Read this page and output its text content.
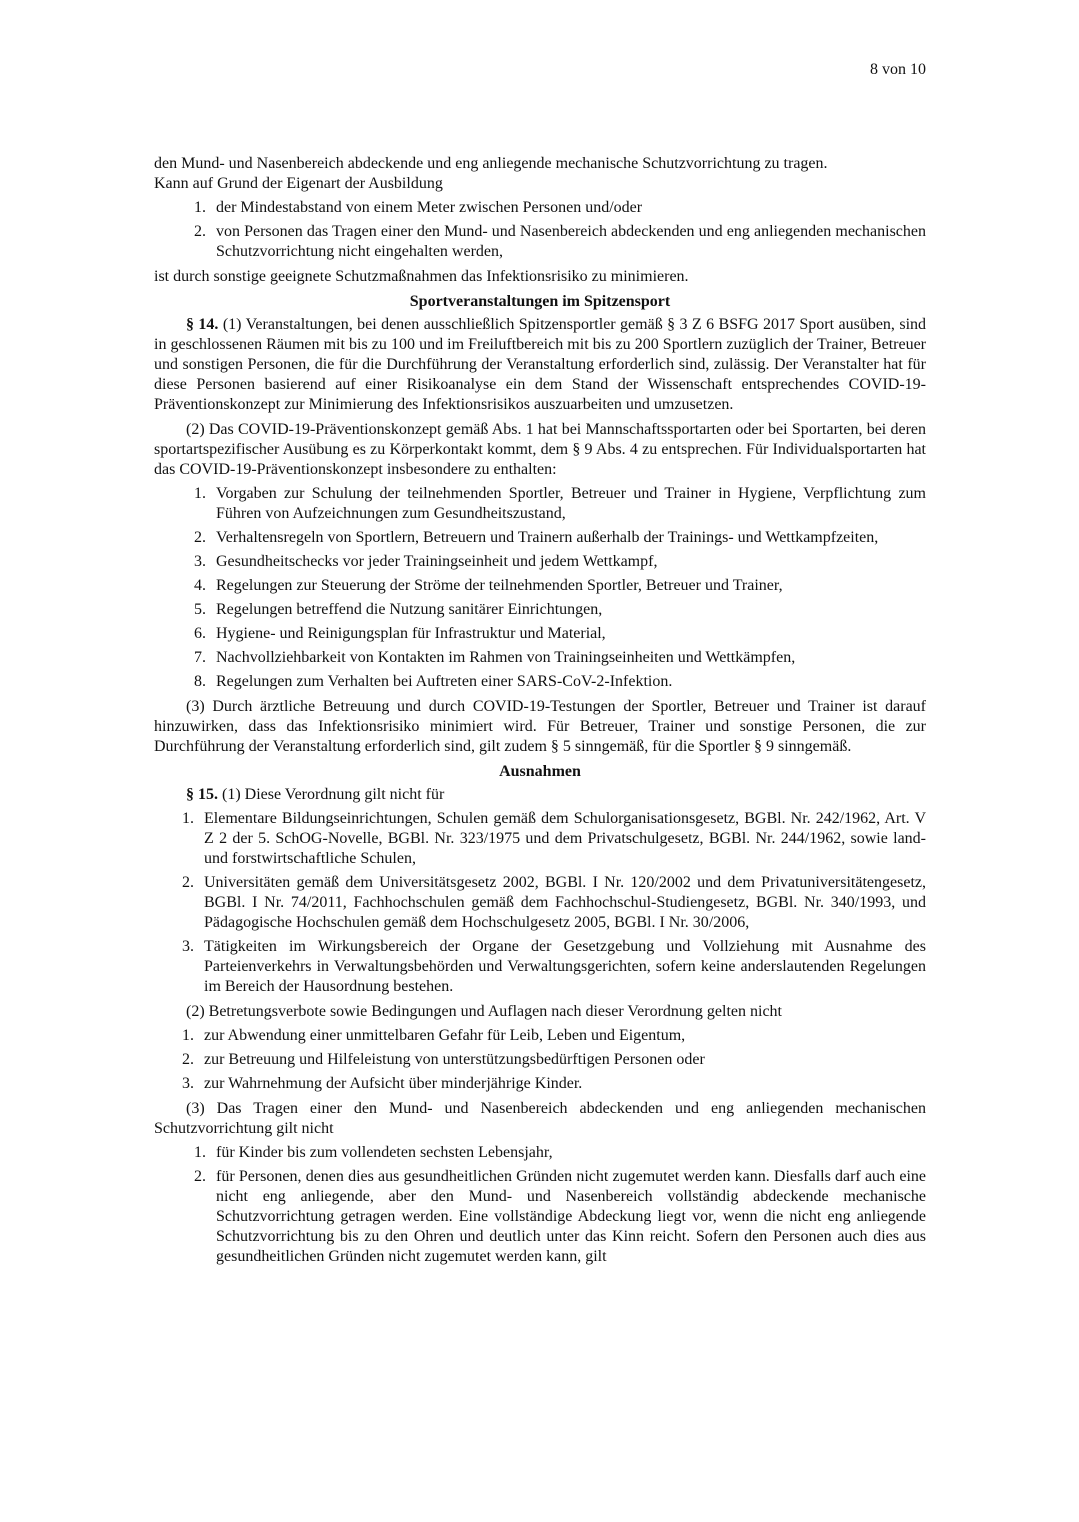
8 von 10

den Mund- und Nasenbereich abdeckende und eng anliegende mechanische Schutzvorrichtung zu tragen.

Kann auf Grund der Eigenart der Ausbildung

1. der Mindestabstand von einem Meter zwischen Personen und/oder
2. von Personen das Tragen einer den Mund- und Nasenbereich abdeckenden und eng anliegenden mechanischen Schutzvorrichtung nicht eingehalten werden,

ist durch sonstige geeignete Schutzmaßnahmen das Infektionsrisiko zu minimieren.

Sportveranstaltungen im Spitzensport

§ 14. (1) Veranstaltungen, bei denen ausschließlich Spitzensportler gemäß § 3 Z 6 BSFG 2017 Sport ausüben, sind in geschlossenen Räumen mit bis zu 100 und im Freiluftbereich mit bis zu 200 Sportlern zuzüglich der Trainer, Betreuer und sonstigen Personen, die für die Durchführung der Veranstaltung erforderlich sind, zulässig. Der Veranstalter hat für diese Personen basierend auf einer Risikoanalyse ein dem Stand der Wissenschaft entsprechendes COVID-19-Präventionskonzept zur Minimierung des Infektionsrisikos auszuarbeiten und umzusetzen.

(2) Das COVID-19-Präventionskonzept gemäß Abs. 1 hat bei Mannschaftssportarten oder bei Sportarten, bei deren sportartspezifischer Ausübung es zu Körperkontakt kommt, dem § 9 Abs. 4 zu entsprechen. Für Individualsportarten hat das COVID-19-Präventionskonzept insbesondere zu enthalten:

1. Vorgaben zur Schulung der teilnehmenden Sportler, Betreuer und Trainer in Hygiene, Verpflichtung zum Führen von Aufzeichnungen zum Gesundheitszustand,
2. Verhaltensregeln von Sportlern, Betreuern und Trainern außerhalb der Trainings- und Wettkampfzeiten,
3. Gesundheitschecks vor jeder Trainingseinheit und jedem Wettkampf,
4. Regelungen zur Steuerung der Ströme der teilnehmenden Sportler, Betreuer und Trainer,
5. Regelungen betreffend die Nutzung sanitärer Einrichtungen,
6. Hygiene- und Reinigungsplan für Infrastruktur und Material,
7. Nachvollziehbarkeit von Kontakten im Rahmen von Trainingseinheiten und Wettkämpfen,
8. Regelungen zum Verhalten bei Auftreten einer SARS-CoV-2-Infektion.

(3) Durch ärztliche Betreuung und durch COVID-19-Testungen der Sportler, Betreuer und Trainer ist darauf hinzuwirken, dass das Infektionsrisiko minimiert wird. Für Betreuer, Trainer und sonstige Personen, die zur Durchführung der Veranstaltung erforderlich sind, gilt zudem § 5 sinngemäß, für die Sportler § 9 sinngemäß.

Ausnahmen

§ 15. (1) Diese Verordnung gilt nicht für

1. Elementare Bildungseinrichtungen, Schulen gemäß dem Schulorganisationsgesetz, BGBl. Nr. 242/1962, Art. V Z 2 der 5. SchOG-Novelle, BGBl. Nr. 323/1975 und dem Privatschulgesetz, BGBl. Nr. 244/1962, sowie land- und forstwirtschaftliche Schulen,
2. Universitäten gemäß dem Universitätsgesetz 2002, BGBl. I Nr. 120/2002 und dem Privatuniversitätengesetz, BGBl. I Nr. 74/2011, Fachhochschulen gemäß dem Fachhochschul-Studiengesetz, BGBl. Nr. 340/1993, und Pädagogische Hochschulen gemäß dem Hochschulgesetz 2005, BGBl. I Nr. 30/2006,
3. Tätigkeiten im Wirkungsbereich der Organe der Gesetzgebung und Vollziehung mit Ausnahme des Parteienverkehrs in Verwaltungsbehörden und Verwaltungsgerichten, sofern keine anderslautenden Regelungen im Bereich der Hausordnung bestehen.

(2) Betretungsverbote sowie Bedingungen und Auflagen nach dieser Verordnung gelten nicht

1. zur Abwendung einer unmittelbaren Gefahr für Leib, Leben und Eigentum,
2. zur Betreuung und Hilfeleistung von unterstützungsbedürftigen Personen oder
3. zur Wahrnehmung der Aufsicht über minderjährige Kinder.

(3) Das Tragen einer den Mund- und Nasenbereich abdeckenden und eng anliegenden mechanischen Schutzvorrichtung gilt nicht

1. für Kinder bis zum vollendeten sechsten Lebensjahr,
2. für Personen, denen dies aus gesundheitlichen Gründen nicht zugemutet werden kann. Diesfalls darf auch eine nicht eng anliegende, aber den Mund- und Nasenbereich vollständig abdeckende mechanische Schutzvorrichtung getragen werden. Eine vollständige Abdeckung liegt vor, wenn die nicht eng anliegende Schutzvorrichtung bis zu den Ohren und deutlich unter das Kinn reicht. Sofern den Personen auch dies aus gesundheitlichen Gründen nicht zugemutet werden kann, gilt
